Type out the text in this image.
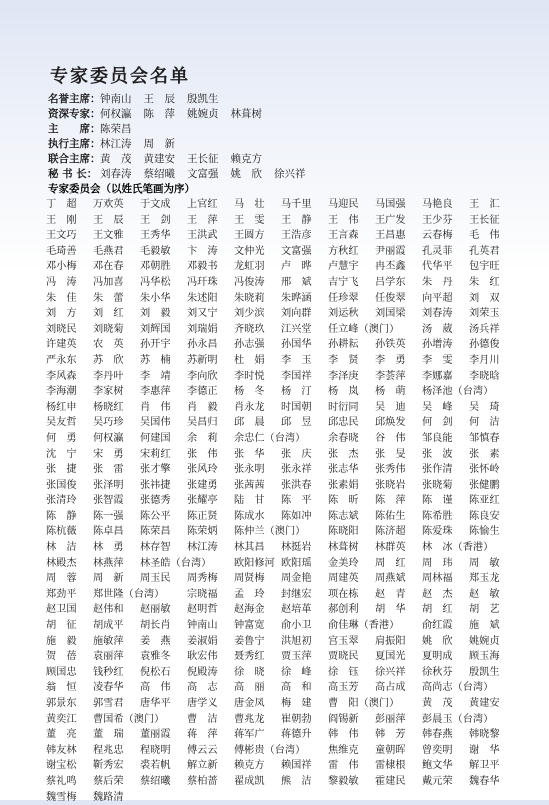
专家委员会名单
名誉主席： 钟南山 王　辰 殷凯生
资深专家： 何权瀛 陈　萍 姚婉贞 林葺树
主　　席： 陈荣昌
执行主席： 林江涛 周　新
联合主席： 黄　茂 黄建安 王长征 赖克方
秘 书 长： 刘春涛 蔡绍曦 文富强 姚　欣 徐兴祥
专家委员会（以姓氏笔画为序）
丁　超	万欢英	于文成	上官红	马　壮	马千里	马迎民	马国强	马艳良	王　汇
王　刚	王　辰	王　剑	王　萍	王　雯	王　静	王　伟	王广发	王少芬	王长征
王文巧	王文雅	王秀华	王洪武	王圆方	王浩彦	王言森	王昌惠	云春梅	毛　伟
毛琦善	毛燕君	毛毅敏	卞　涛	文仲光	文富强	方秋红	尹丽霞	孔灵菲	孔英君
邓小梅	邓在春	邓朝胜	邓毅书	龙虹羽	卢　晔	卢慧宇	冉丕鑫	代华平	包宇旺
冯　涛	冯加喜	冯华松	冯玕珠	冯俊涛	邢　斌	吉宁飞	吕学东	朱　丹	朱　红
朱　佳	朱　蕾	朱小华	朱述阳	朱晓莉	朱晔涵	任珍翠	任俊翠	向平超	刘　双
刘　方	刘　红	刘　毅	刘又宁	刘少滨	刘向群	刘运秋	刘国梁	刘春涛	刘荣玉
刘晓民	刘晓菊	刘辉国	刘瑞娟	齐晓玖	江兴堂	任立峰（澳门） 汤　葳	汤兵祥
许建英	农　英	孙开宇	孙永昌	孙志强	孙国华	孙耕耘	孙铁英	孙增涛	孙德俊
严永东	苏　欣	苏　楠	苏新明	杜　娟	李　玉	李　贤	李　勇	李　雯	李月川
李风森	李丹叶	李　靖	李向欣	李时悦	李国祥	李泽庚	李荟萍	李娜嘉	李晓晗
李海潮	李家树	李惠萍	李德正	杨　冬	杨　汀	杨　岚	杨　萌	杨泽池（台湾）
杨红申	杨晓红	肖　伟	肖　毅	肖永龙	时国朝	时衍同	吴　迪	吴　峰	吴　琦
吴友哲	吴巧珍	吴国伟	吴昌归	邱　晨	邱　昱	邱忠民	邱焕发	何　剑	何　洁
何　勇	何权瀛	何建国	余　莉	余忠仁（台湾） 余春晓	谷　伟	邹良能	邹慎春
沈　宁	宋　勇	宋莉红	张　伟	张　华	张　庆	张　杰	张　旻	张　波	张　素
张　捷	张　雷	张才擎	张风玲	张永明	张永祥	张志华	张秀伟	张作清	张怀岭
张国俊	张泽明	张祎捷	张建勇	张茜茜	张洪春	张素娟	张晓岩	张晓菊	张健鹏
张清玲	张智霞	张德秀	张耀亭	陆　甘	陈　平	陈　昕	陈　萍	陈　谨	陈亚红
陈　静	陈一强	陈公平	陈正贤	陈成水	陈如冲	陈志斌	陈佑生	陈希胜	陈良安
陈杭薇	陈卓昌	陈荣昌	陈荣炳	陈仲兰（澳门） 陈晓阳	陈济超	陈爱珠	陈愉生
林　洁	林　勇	林存智	林江涛	林其昌	林挺岩	林葺树	林群英	林　冰（香港）
林殿杰	林燕萍	林圣皓（台湾） 欧阳修河 欧阳瑶	金美玲	周　红	周　玮	周　敏
周　蓉	周　新	周玉民	周秀梅	周贤梅	周金艳	周建英	周燕斌	周林福	郑玉龙
郑劲平	郑世隆（台湾） 宗晓福	孟　玲	封继宏	项在栋	赵　青	赵　杰	赵　敏
赵卫国	赵伟和	赵丽敏	赵明哲	赵海金	赵培革	郝创利	胡　华	胡　红	胡　艺
胡　征	胡成平	胡长肖	钟南山	钟富宽	俞小卫	俞佳琳（香港） 俞红霞	施　斌
施　毅	施敏萍	姜　燕	姜淑娟	姜鲁宁	洪旭初	宫玉翠	肩振阳	姚　欣	姚婉贞
贺　蓓	袁丽萍	袁雅冬	耿宏伟	聂秀红	贾玉萍	贾晓民	夏国光	夏明成	顾玉海
顾国忠	钱秒红	倪松石	倪殿涛	徐　晓	徐　峰	徐　钰	徐兴祥	徐秋芬	殷凯生
翁　恒	凌春华	高　伟	高　志	高　丽	高　和	高玉芳	高占成	高尚志（台湾）
郭景东	郭雪君	唐华平	唐学义	唐金凤	梅　建	曹　阳（澳门） 黄　茂	黄建安
黄奕江	曹国希（澳门） 曹　洁	曹兆龙	崔朝勃	阎锡新	彭丽萍	彭晨玉（台湾）
董　亮	董　瑞	董丽霞	蒋　萍	蒋军广	蒋德升	韩　伟	韩　芳	韩春燕	韩晓黎
韩友林	程兆忠	程晓明	傅云云	傅彬贵（台湾） 焦维克	童朝晖	曾奕明	谢　华
谢宝松	靳秀宏	裘若帆	解立新	赖克方	赖国祥	雷　伟	雷棣根	鲍文华	解卫平
蔡礼鸣	蔡后荣	蔡绍曦	蔡柏蔷	翟成凯	熊　洁	黎毅敏	霍建民	戴元荣	魏春华
魏雪梅	魏路清
